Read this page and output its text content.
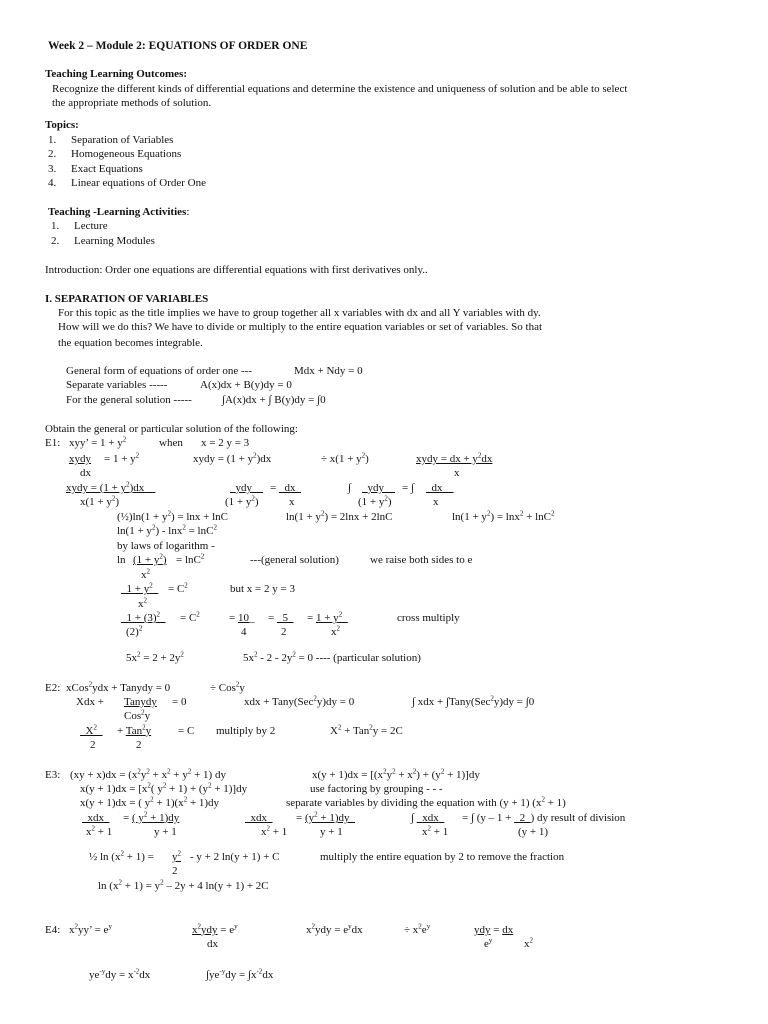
Week 2 – Module 2: EQUATIONS OF ORDER ONE
Teaching Learning Outcomes:
Recognize the different kinds of differential equations and determine the existence and uniqueness of solution and be able to select
the appropriate methods of solution.
Topics:
1. Separation of Variables
2. Homogeneous Equations
3. Exact Equations
4. Linear equations of Order One
Teaching -Learning Activities:
1. Lecture
2. Learning Modules
Introduction: Order one equations are differential equations with first derivatives only..
I. SEPARATION OF VARIABLES
For this topic as the title implies we have to group together all x variables with dx and all Y variables with dy.
How will we do this? We have to divide or multiply to the entire equation variables or set of variables. So that
the equation becomes integrable.
General form of equations of order one ---	Mdx + Ndy = 0
Separate variables -----	A(x)dx + B(y)dy = 0
For the general solution -----	∫A(x)dx + ∫ B(y)dy = ∫0
Obtain the general or particular solution of the following:
E1: xyy’ = $1 + y^2$	when x = 2 y = 3
xydy
dx
= $1 + y^2$	xydy = $(1 + y^2)dx$	÷ $x(1 + y^2)$	xydy = dx + $y^2dx$
x
xydy = $(1 + y^2)dx\_\_$
$x(1 + y^2)$
_ydy__
$(1 + y^2)$
= _dx_
x
∫ _ydy__
$(1 + y^2)$
= ∫ _dx__
x
(½)ln(1 + $y^2) = \ln x + \ln C$	$\ln(1 + y^2) = 2\ln x + 2\ln C$	$\ln(1 + y^2) = \ln x^2 + \ln C^2$
$\ln(1 + y^2) - \ln x^2 = \ln C^2$
by laws of logarithm -
$\ln (1 + y^2)$
$x^2$
= lnC$^2$	---(general solution)	we raise both sides to e
_1 + $y^2\_$
$x^2$
= $C^2$	but x = 2 y = 3
_1 + $(3)^2\_$
$(2)^2$
= $C^2$	= 10_
4
= _5_
2
= $1 + y^2\_$
$x^2$
cross multiply
$5x^2 = 2 + 2y^2$	$5x^2 - 2 - 2y^2 = 0$ ---- (particular solution)
E2: xCos$^2$ydx + Tanydy = 0	÷ Cos$^2$y
Xdx + Tanydy
Cos$^2$y
= 0	xdx + Tany(Sec$^2$y)dy = 0	∫ xdx + ∫Tany(Sec$^2$y)dy = ∫0
$\_X^2\_$
2
+ Tan$^2$y
2
= C multiply by 2	$X^2 + Tan^2y = 2C$
E3: $(xy + x)dx = (x^2y^2 + x^2 + y^2 + 1)$ dy	$x(y + 1)dx = [(x^2y^2 + x^2) + (y^2 + 1)]dy$
$x(y + 1)dx = [x^2$( $y^2 + 1) + (y^2 + 1)]dy$	use factoring by grouping - - -
x(y + 1)dx = ( $y^2 + 1)(x^2 + 1)dy$	separate variables by dividing the equation with (y + 1) $(x^2 + 1)$
_xdx_
$x^2 + 1$
= ( $y^2 + 1)dy$
y + 1
_xdx_
$x^2 + 1$
= ($y^2$ + 1)dy_
y + 1
∫ _xdx_
$x^2 + 1$
= ∫ (y – 1 + _2_) dy result of division
(y + 1)
½ $\ln (x^2 + 1) = y^2$
2
- y + 2 ln(y + 1) + C	multiply the entire equation by 2 to remove the fraction
$\ln (x^2 + 1) = y^2 - 2y + 4$ ln(y + 1) + 2C
E4: $x^2yy$’ = $e^y$	$x^2ydy = e^y$
dx
$x^2ydy = e^ydx$	÷ $x^2e^y$	ydy = dx
$e^y$	$x^2$
$ye^{-y}dy = x^{-2}dx$	$\int ye^{-y}dy = \int x^{-2}dx$
